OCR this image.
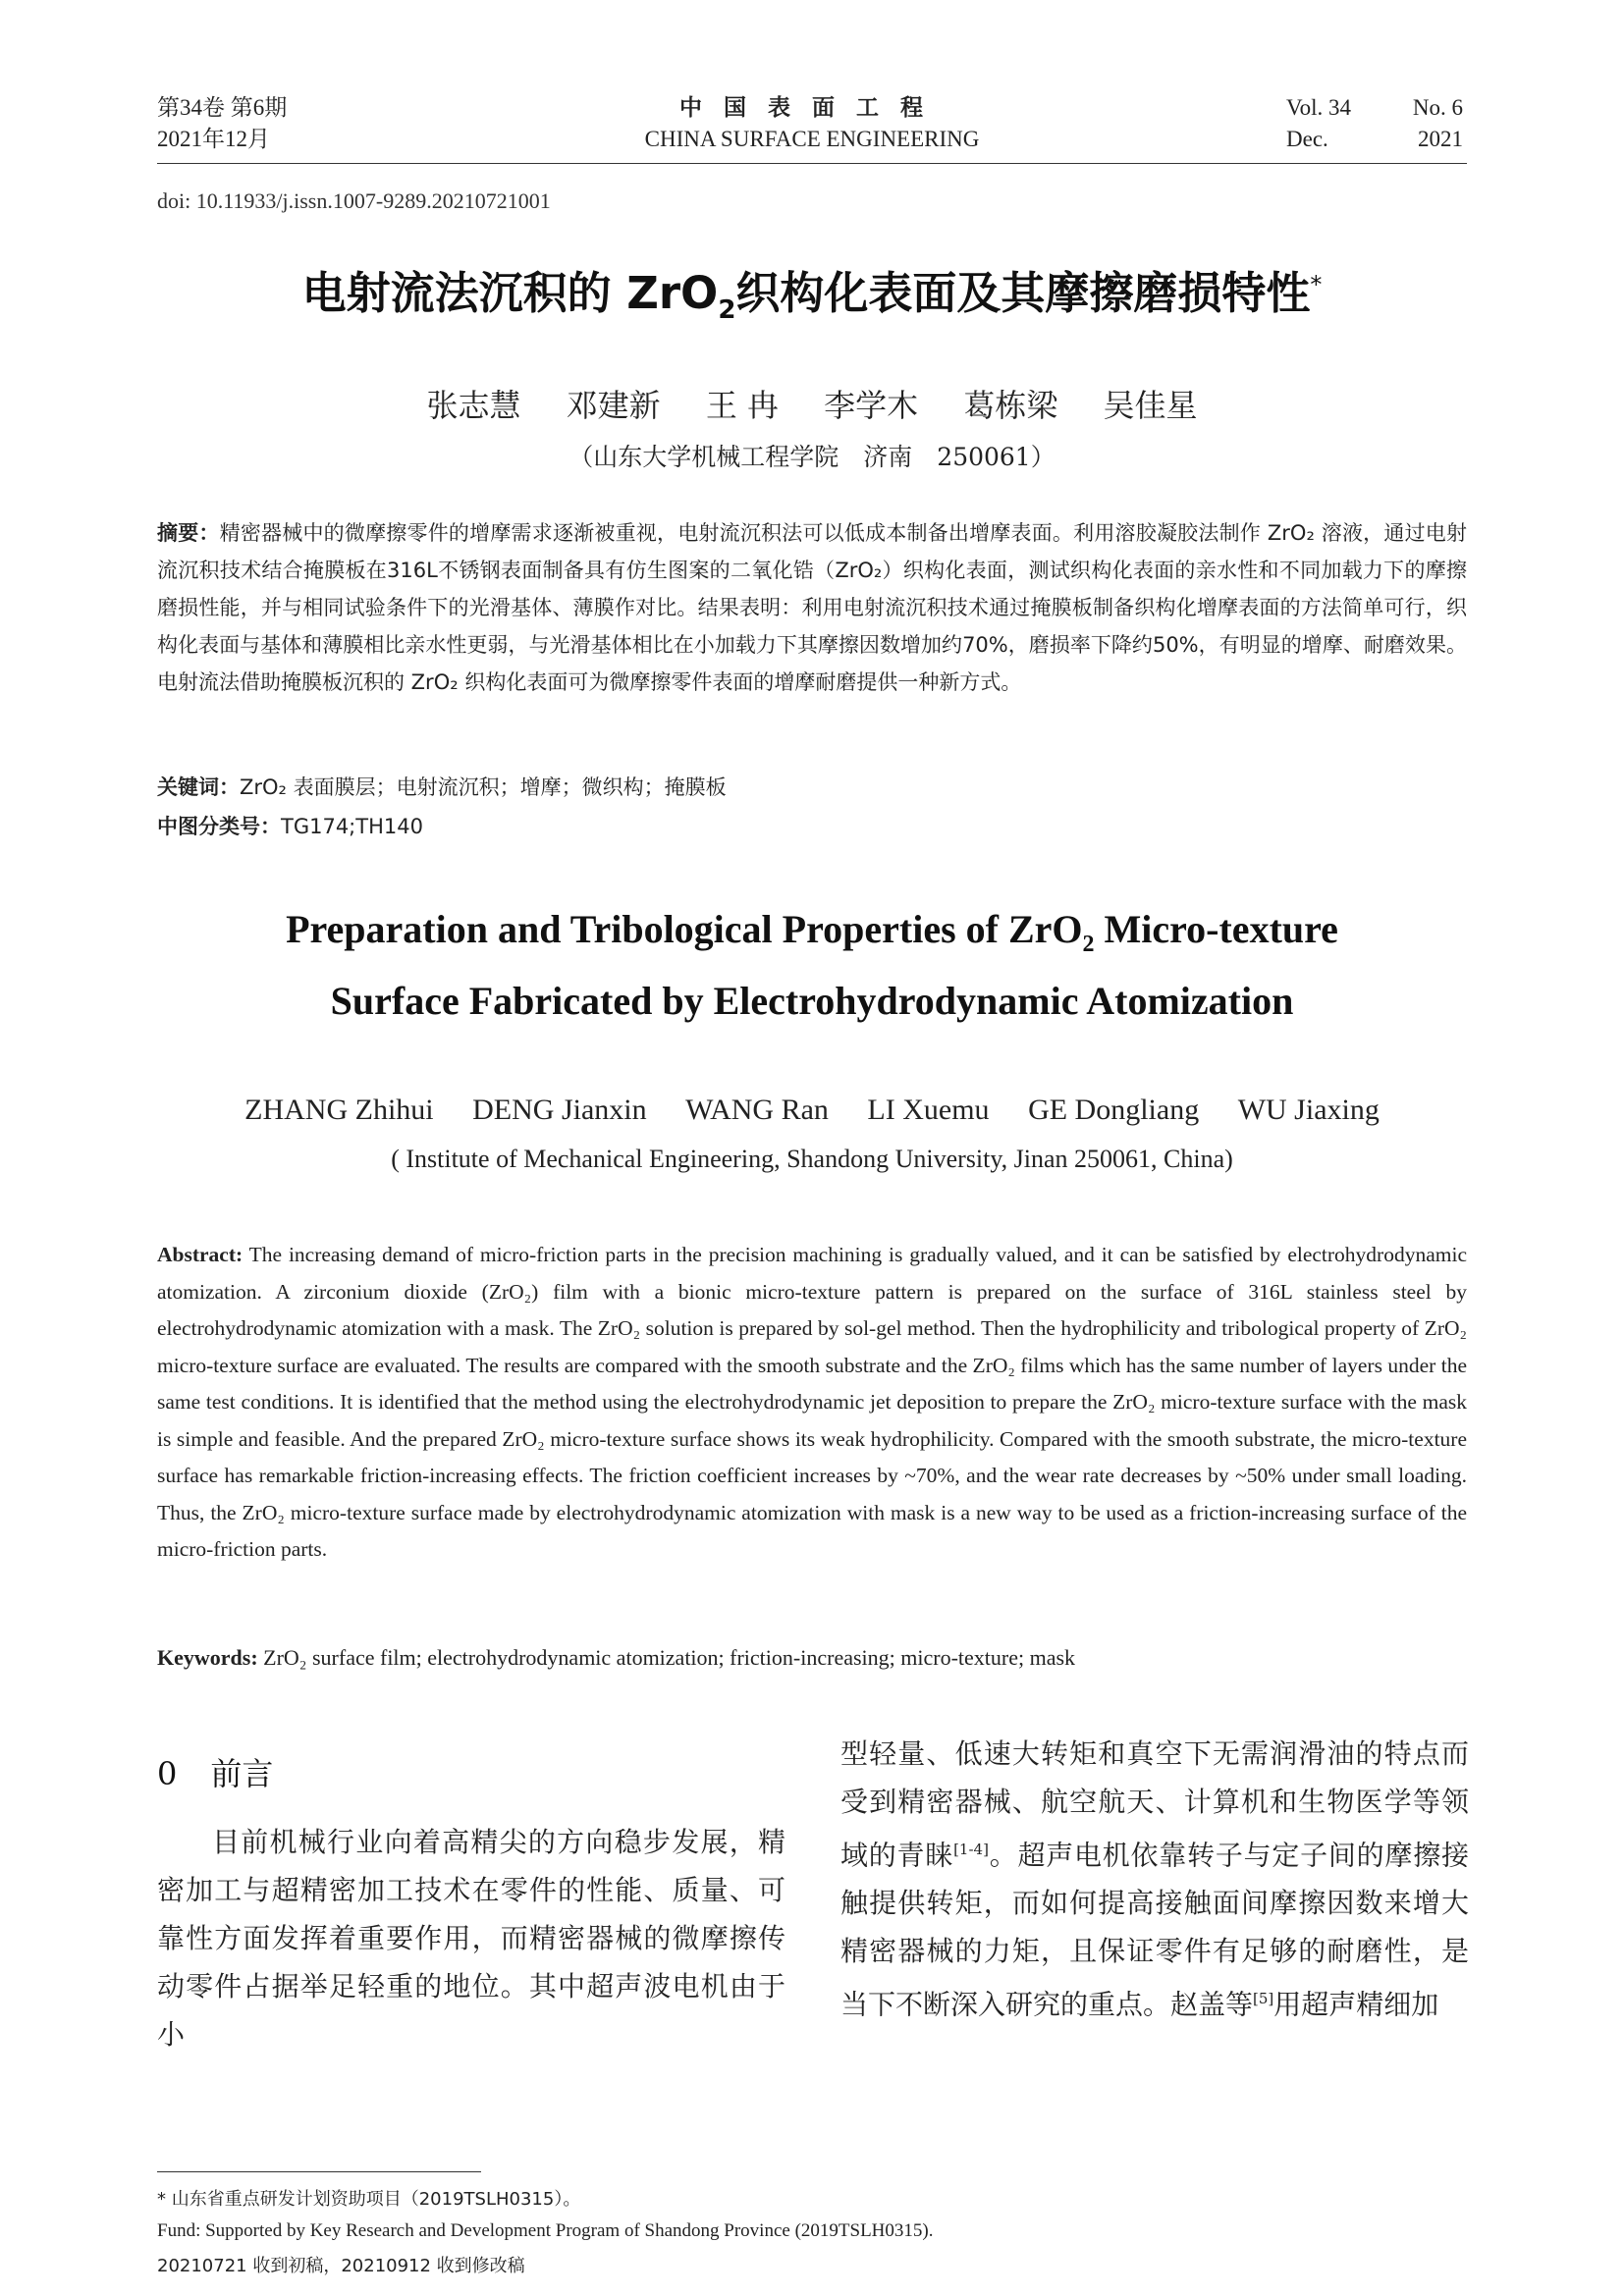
第34卷 第6期
2021年12月
中国表面工程
CHINA SURFACE ENGINEERING
Vol. 34	No. 6
Dec.	2021
doi: 10.11933/j.issn.1007-9289.20210721001
电射流法沉积的 ZrO$_2$织构化表面及其摩擦磨损特性*
张志慧 邓建新 王 冉 李学木 葛栋梁 吴佳星
（山东大学机械工程学院　济南　250061）
摘要：精密器械中的微摩擦零件的增摩需求逐渐被重视，电射流沉积法可以低成本制备出增摩表面。利用溶胶凝胶法制作 ZrO₂ 溶液，通过电射流沉积技术结合掩膜板在316L不锈钢表面制备具有仿生图案的二氧化锆（ZrO₂）织构化表面，测试织构化表面的亲水性和不同加载力下的摩擦磨损性能，并与相同试验条件下的光滑基体、薄膜作对比。结果表明：利用电射流沉积技术通过掩膜板制备织构化增摩表面的方法简单可行，织构化表面与基体和薄膜相比亲水性更弱，与光滑基体相比在小加载力下其摩擦因数增加约70%，磨损率下降约50%，有明显的增摩、耐磨效果。电射流法借助掩膜板沉积的 ZrO₂ 织构化表面可为微摩擦零件表面的增摩耐磨提供一种新方式。
关键词：ZrO₂ 表面膜层；电射流沉积；增摩；微织构；掩膜板
中图分类号：TG174;TH140
Preparation and Tribological Properties of ZrO$_2$ Micro-texture
Surface Fabricated by Electrohydrodynamic Atomization
ZHANG Zhihui DENG Jianxin WANG Ran LI Xuemu GE Dongliang WU Jiaxing
( Institute of Mechanical Engineering, Shandong University, Jinan 250061, China)
Abstract: The increasing demand of micro-friction parts in the precision machining is gradually valued, and it can be satisfied by electrohydrodynamic atomization. A zirconium dioxide (ZrO₂) film with a bionic micro-texture pattern is prepared on the surface of 316L stainless steel by electrohydrodynamic atomization with a mask. The ZrO₂ solution is prepared by sol-gel method. Then the hydrophilicity and tribological property of ZrO₂ micro-texture surface are evaluated. The results are compared with the smooth substrate and the ZrO₂ films which has the same number of layers under the same test conditions. It is identified that the method using the electrohydrodynamic jet deposition to prepare the ZrO₂ micro-texture surface with the mask is simple and feasible. And the prepared ZrO₂ micro-texture surface shows its weak hydrophilicity. Compared with the smooth substrate, the micro-texture surface has remarkable friction-increasing effects. The friction coefficient increases by ~70%, and the wear rate decreases by ~50% under small loading. Thus, the ZrO₂ micro-texture surface made by electrohydrodynamic atomization with mask is a new way to be used as a friction-increasing surface of the micro-friction parts.
Keywords: ZrO₂ surface film; electrohydrodynamic atomization; friction-increasing; micro-texture; mask
0 前言
目前机械行业向着高精尖的方向稳步发展，精密加工与超精密加工技术在零件的性能、质量、可靠性方面发挥着重要作用，而精密器械的微摩擦传动零件占据举足轻重的地位。其中超声波电机由于小
型轻量、低速大转矩和真空下无需润滑油的特点而受到精密器械、航空航天、计算机和生物医学等领域的青睐[1-4]。超声电机依靠转子与定子间的摩擦接触提供转矩，而如何提高接触面间摩擦因数来增大精密器械的力矩，且保证零件有足够的耐磨性，是当下不断深入研究的重点。赵盖等[5]用超声精细加
* 山东省重点研发计划资助项目（2019TSLH0315）。
Fund: Supported by Key Research and Development Program of Shandong Province (2019TSLH0315).
20210721 收到初稿，20210912 收到修改稿
